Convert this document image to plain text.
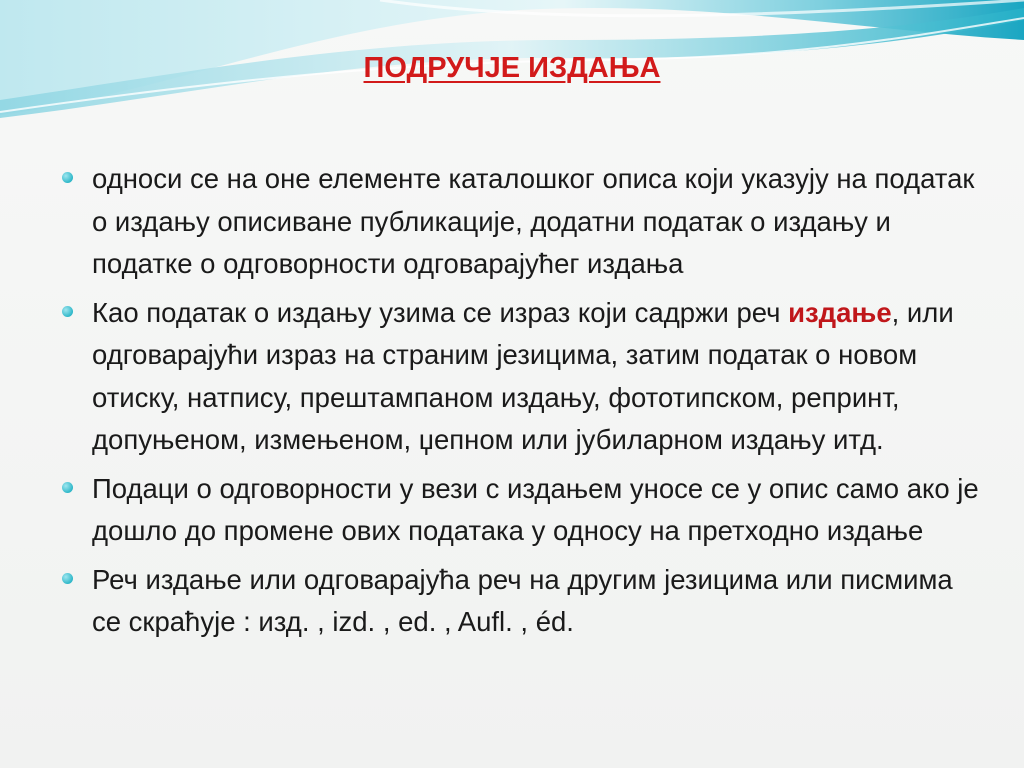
ПОДРУЧЈЕ ИЗДАЊА
односи се на оне елементе каталошког описа који указују на податак о издању описиване публикације, додатни податак о издању и податке о одговорности одговарајућег издања
Као податак о издању узима се израз који садржи реч издање, или одговарајући израз на страним језицима, затим податак о новом отиску, натпису, прештампаном издању, фототипском, репринт, допуњеном, измењеном, џепном или јубиларном издању итд.
Подаци о одговорности у вези с издањем уносе се у опис само ако је дошло до промене ових података у односу на претходно издање
Реч издање или одговарајућа реч на другим језицима или писмима се скраћује : изд. , izd. , ed. , Aufl. , éd.
